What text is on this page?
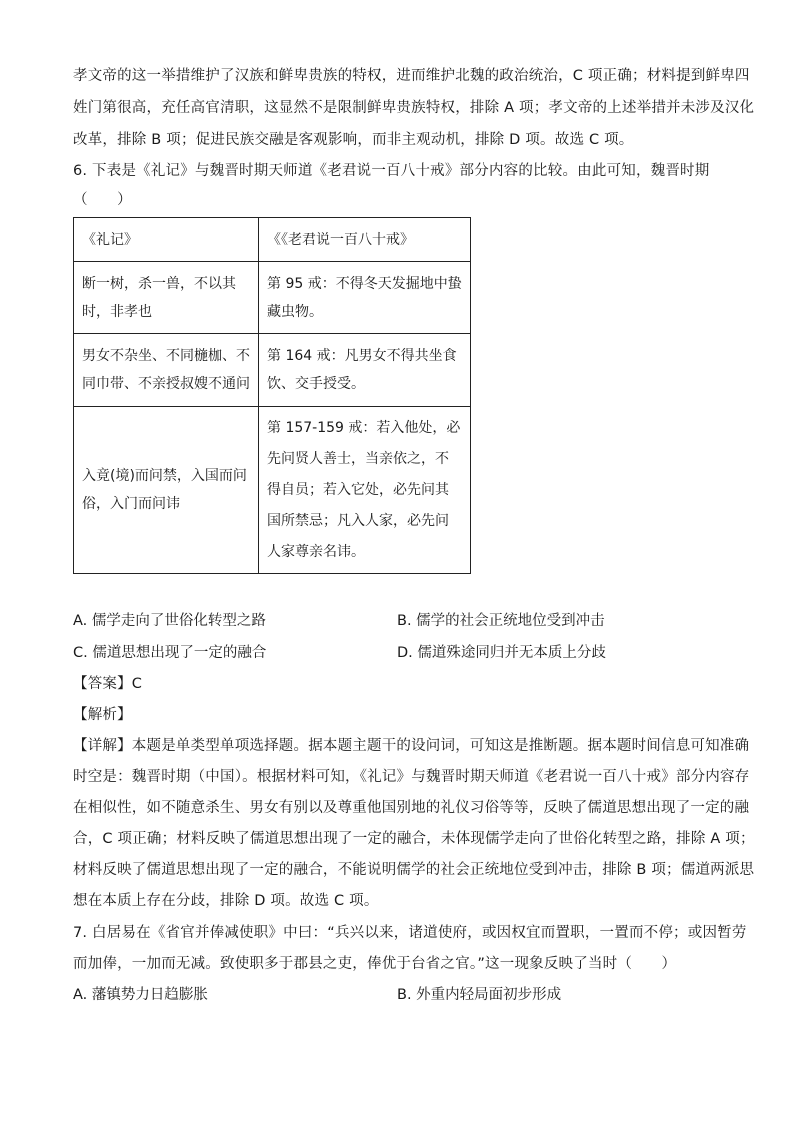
孝文帝的这一举措维护了汉族和鲜卑贵族的特权，进而维护北魏的政治统治，C 项正确；材料提到鲜卑四
姓门第很高，充任高官清职，这显然不是限制鲜卑贵族特权，排除 A 项；孝文帝的上述举措并未涉及汉化
改革，排除 B 项；促进民族交融是客观影响，而非主观动机，排除 D 项。故选 C 项。
6. 下表是《礼记》与魏晋时期天师道《老君说一百八十戒》部分内容的比较。由此可知，魏晋时期
（　　）
《礼记》	《《老君说一百八十戒》

断一树，杀一兽，不以其
时，非孝也	第 95 戒：不得冬天发掘地中蛰
藏虫物。

男女不杂坐、不同椸枷、不
同巾带、不亲授叔嫂不通问	第 164 戒：凡男女不得共坐食
饮、交手授受。

入竟(境)而问禁，入国而问
俗，入门而问讳	第 157-159 戒：若入他处，必
先问贤人善士，当亲依之，不
得自员；若入它处，必先问其
国所禁忌；凡入人家，必先问
人家尊亲名讳。
A. 儒学走向了世俗化转型之路	B. 儒学的社会正统地位受到冲击
C. 儒道思想出现了一定的融合	D. 儒道殊途同归并无本质上分歧
【答案】C
【解析】
【详解】本题是单类型单项选择题。据本题主题干的设问词，可知这是推断题。据本题时间信息可知准确
时空是：魏晋时期（中国）。根据材料可知，《礼记》与魏晋时期天师道《老君说一百八十戒》部分内容存
在相似性，如不随意杀生、男女有别以及尊重他国别地的礼仪习俗等等，反映了儒道思想出现了一定的融
合，C 项正确；材料反映了儒道思想出现了一定的融合，未体现儒学走向了世俗化转型之路，排除 A 项；
材料反映了儒道思想出现了一定的融合，不能说明儒学的社会正统地位受到冲击，排除 B 项；儒道两派思
想在本质上存在分歧，排除 D 项。故选 C 项。
7. 白居易在《省官并俸减使职》中曰：“兵兴以来，诸道使府，或因权宜而置职，一置而不停；或因暂劳
而加俸，一加而无减。致使职多于郡县之吏，俸优于台省之官。”这一现象反映了当时（　　）
A. 藩镇势力日趋膨胀	B. 外重内轻局面初步形成
